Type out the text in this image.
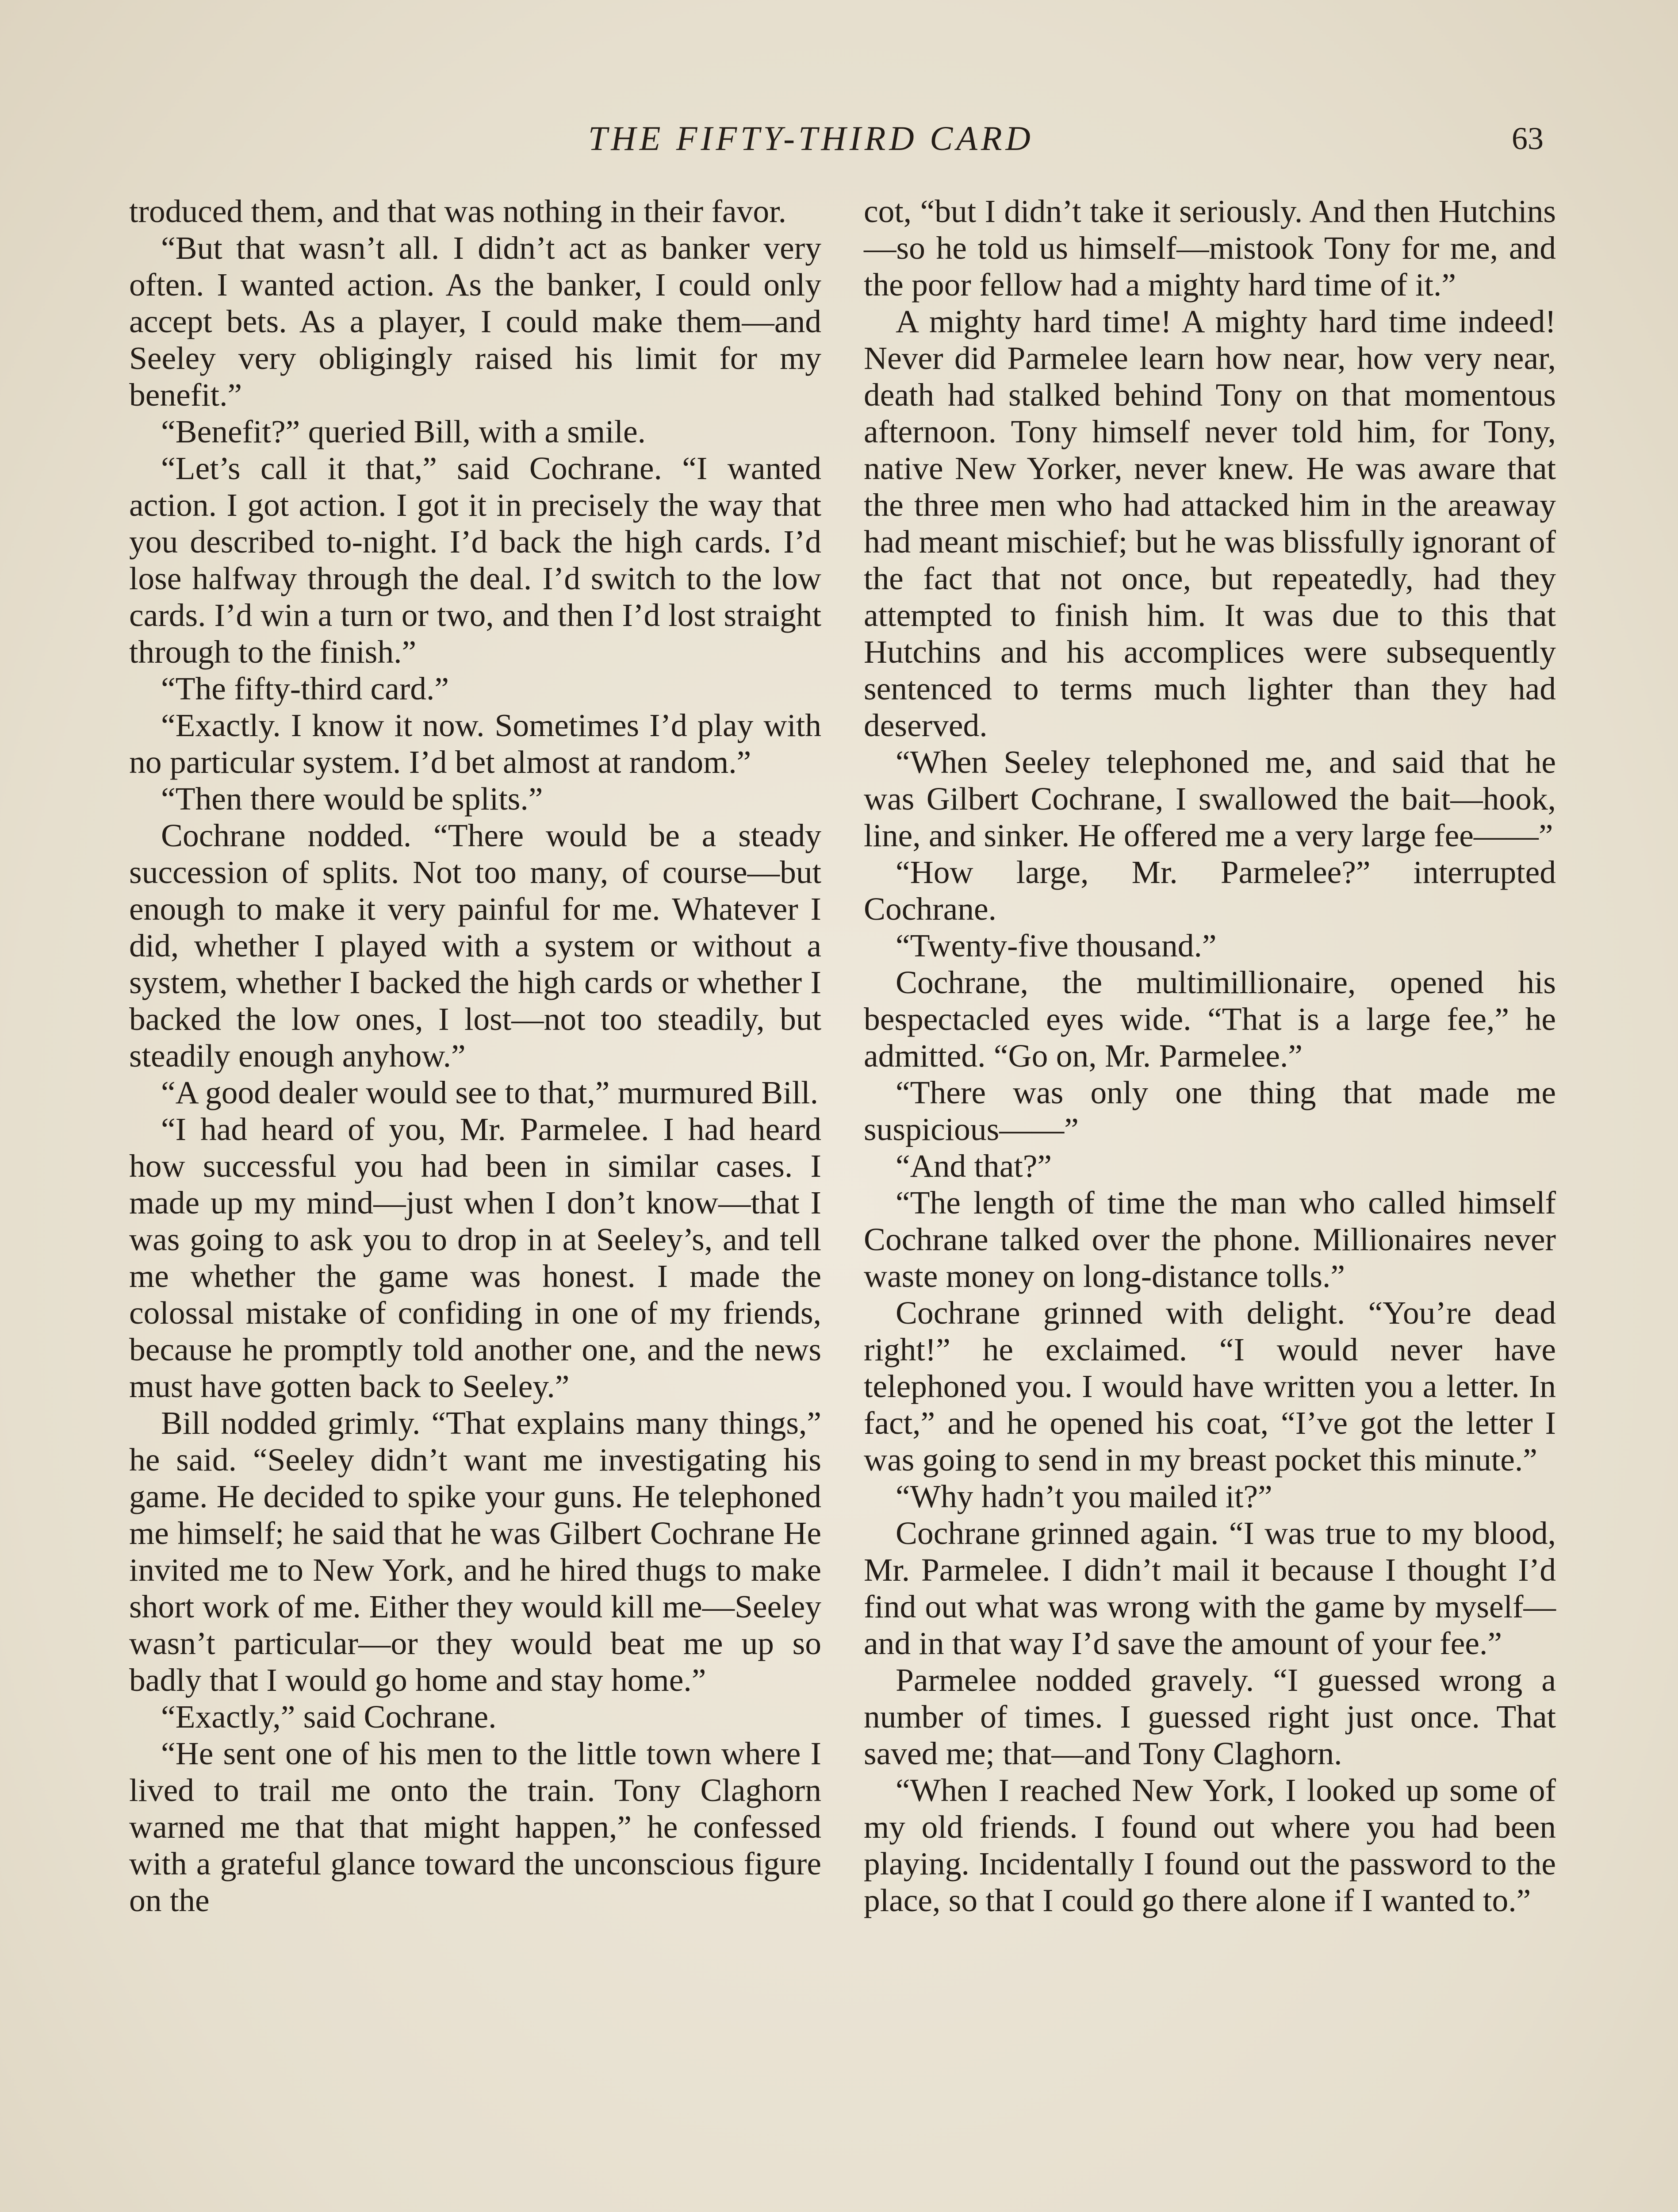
THE FIFTY-THIRD CARD	63

troduced them, and that was nothing in their favor.

“But that wasn’t all. I didn’t act as banker very often. I wanted action. As the banker, I could only accept bets. As a player, I could make them—and Seeley very obligingly raised his limit for my benefit.”

“Benefit?” queried Bill, with a smile.

“Let’s call it that,” said Cochrane. “I wanted action. I got action. I got it in precisely the way that you described to-night. I’d back the high cards. I’d lose halfway through the deal. I’d switch to the low cards. I’d win a turn or two, and then I’d lost straight through to the finish.”

“The fifty-third card.”

“Exactly. I know it now. Sometimes I’d play with no particular system. I’d bet almost at random.”

“Then there would be splits.”

Cochrane nodded. “There would be a steady succession of splits. Not too many, of course—but enough to make it very painful for me. Whatever I did, whether I played with a system or without a system, whether I backed the high cards or whether I backed the low ones, I lost—not too steadily, but steadily enough anyhow.”

“A good dealer would see to that,” murmured Bill.

“I had heard of you, Mr. Parmelee. I had heard how successful you had been in similar cases. I made up my mind—just when I don’t know—that I was going to ask you to drop in at Seeley’s, and tell me whether the game was honest. I made the colossal mistake of confiding in one of my friends, because he promptly told another one, and the news must have gotten back to Seeley.”

Bill nodded grimly. “That explains many things,” he said. “Seeley didn’t want me investigating his game. He decided to spike your guns. He telephoned me himself; he said that he was Gilbert Cochrane He invited me to New York, and he hired thugs to make short work of me. Either they would kill me—Seeley wasn’t particular—or they would beat me up so badly that I would go home and stay home.”

“Exactly,” said Cochrane.

“He sent one of his men to the little town where I lived to trail me onto the train. Tony Claghorn warned me that that might happen,” he confessed with a grateful glance toward the unconscious figure on the

cot, “but I didn’t take it seriously. And then Hutchins—so he told us himself—mistook Tony for me, and the poor fellow had a mighty hard time of it.”

A mighty hard time! A mighty hard time indeed! Never did Parmelee learn how near, how very near, death had stalked behind Tony on that momentous afternoon. Tony himself never told him, for Tony, native New Yorker, never knew. He was aware that the three men who had attacked him in the areaway had meant mischief; but he was blissfully ignorant of the fact that not once, but repeatedly, had they attempted to finish him. It was due to this that Hutchins and his accomplices were subsequently sentenced to terms much lighter than they had deserved.

“When Seeley telephoned me, and said that he was Gilbert Cochrane, I swallowed the bait—hook, line, and sinker. He offered me a very large fee——”

“How large, Mr. Parmelee?” interrupted Cochrane.

“Twenty-five thousand.”

Cochrane, the multimillionaire, opened his bespectacled eyes wide. “That is a large fee,” he admitted. “Go on, Mr. Parmelee.”

“There was only one thing that made me suspicious——”

“And that?”

“The length of time the man who called himself Cochrane talked over the phone. Millionaires never waste money on long-distance tolls.”

Cochrane grinned with delight. “You’re dead right!” he exclaimed. “I would never have telephoned you. I would have written you a letter. In fact,” and he opened his coat, “I’ve got the letter I was going to send in my breast pocket this minute.”

“Why hadn’t you mailed it?”

Cochrane grinned again. “I was true to my blood, Mr. Parmelee. I didn’t mail it because I thought I’d find out what was wrong with the game by myself—and in that way I’d save the amount of your fee.”

Parmelee nodded gravely. “I guessed wrong a number of times. I guessed right just once. That saved me; that—and Tony Claghorn.

“When I reached New York, I looked up some of my old friends. I found out where you had been playing. Incidentally I found out the password to the place, so that I could go there alone if I wanted to.”
